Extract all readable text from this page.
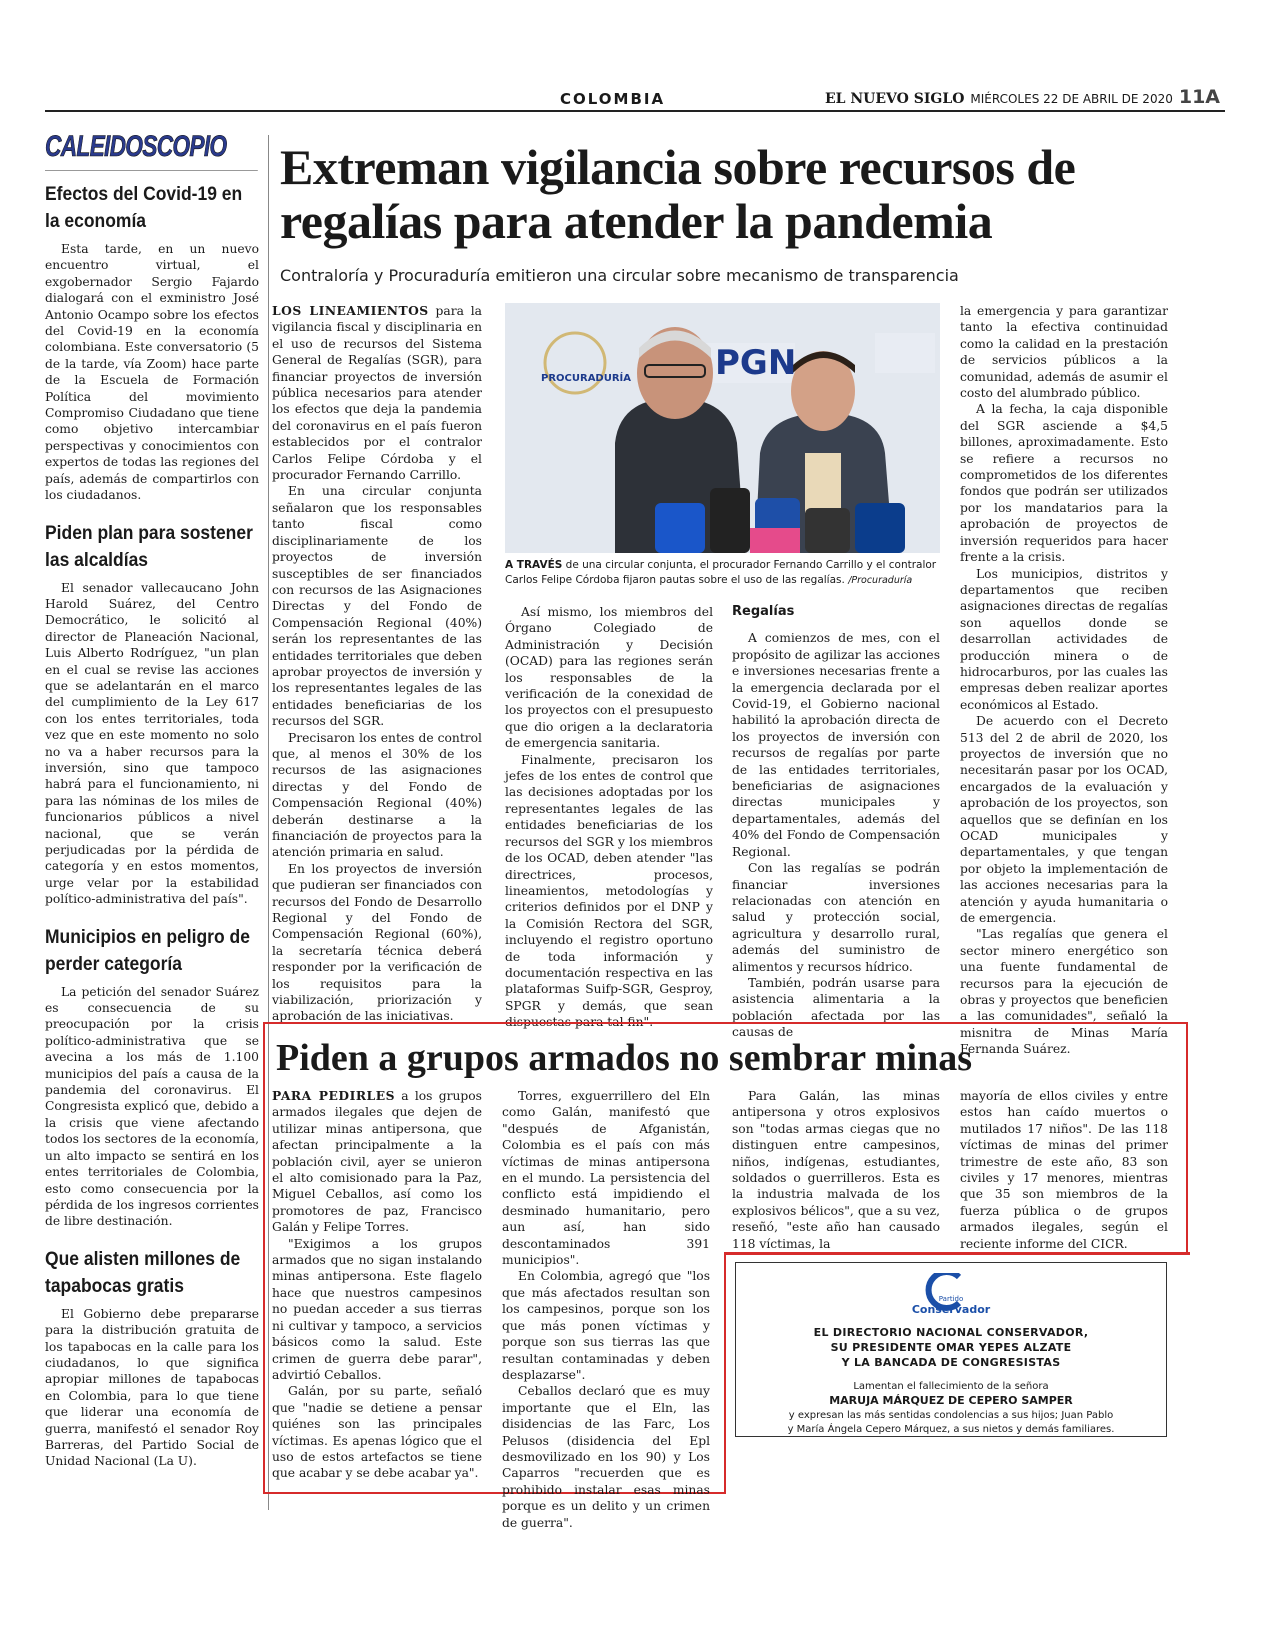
COLOMBIA	EL NUEVO SIGLO MIÉRCOLES 22 DE ABRIL DE 2020 11A
CALEIDOSCOPIO
Efectos del Covid-19 en la economía

Esta tarde, en un nuevo encuentro virtual, el exgobernador Sergio Fajardo dialogará con el exministro José Antonio Ocampo sobre los efectos del Covid-19 en la economía colombiana. Este conversatorio (5 de la tarde, vía Zoom) hace parte de la Escuela de Formación Política del movimiento Compromiso Ciudadano que tiene como objetivo intercambiar perspectivas y conocimientos con expertos de todas las regiones del país, además de compartirlos con los ciudadanos.

Piden plan para sostener las alcaldías

El senador vallecaucano John Harold Suárez, del Centro Democrático, le solicitó al director de Planeación Nacional, Luis Alberto Rodríguez, "un plan en el cual se revise las acciones que se adelantarán en el marco del cumplimiento de la Ley 617 con los entes territoriales, toda vez que en este momento no solo no va a haber recursos para la inversión, sino que tampoco habrá para el funcionamiento, ni para las nóminas de los miles de funcionarios públicos a nivel nacional, que se verán perjudicadas por la pérdida de categoría y en estos momentos, urge velar por la estabilidad político-administrativa del país".

Municipios en peligro de perder categoría

La petición del senador Suárez es consecuencia de su preocupación por la crisis político-administrativa que se avecina a los más de 1.100 municipios del país a causa de la pandemia del coronavirus. El Congresista explicó que, debido a la crisis que viene afectando todos los sectores de la economía, un alto impacto se sentirá en los entes territoriales de Colombia, esto como consecuencia por la pérdida de los ingresos corrientes de libre destinación.

Que alisten millones de tapabocas gratis

El Gobierno debe prepararse para la distribución gratuita de los tapabocas en la calle para los ciudadanos, lo que significa apropiar millones de tapabocas en Colombia, para lo que tiene que liderar una economía de guerra, manifestó el senador Roy Barreras, del Partido Social de Unidad Nacional (La U).

Extreman vigilancia sobre recursos de regalías para atender la pandemia
Contraloría y Procuraduría emitieron una circular sobre mecanismo de transparencia

LOS LINEAMIENTOS para la vigilancia fiscal y disciplinaria en el uso de recursos del Sistema General de Regalías (SGR), para financiar proyectos de inversión pública necesarios para atender los efectos que deja la pandemia del coronavirus en el país fueron establecidos por el contralor Carlos Felipe Córdoba y el procurador Fernando Carrillo.

En una circular conjunta señalaron que los responsables tanto fiscal como disciplinariamente de los proyectos de inversión susceptibles de ser financiados con recursos de las Asignaciones Directas y del Fondo de Compensación Regional (40%) serán los representantes de las entidades territoriales que deben aprobar proyectos de inversión y los representantes legales de las entidades beneficiarias de los recursos del SGR.

Precisaron los entes de control que, al menos el 30% de los recursos de las asignaciones directas y del Fondo de Compensación Regional (40%) deberán destinarse a la financiación de proyectos para la atención primaria en salud.

En los proyectos de inversión que pudieran ser financiados con recursos del Fondo de Desarrollo Regional y del Fondo de Compensación Regional (60%), la secretaría técnica deberá responder por la verificación de los requisitos para la viabilización, priorización y aprobación de las iniciativas.

PGN
PROCURADURÍA
A TRAVÉS de una circular conjunta, el procurador Fernando Carrillo y el contralor Carlos Felipe Córdoba fijaron pautas sobre el uso de las regalías. /Procuraduría

Así mismo, los miembros del Órgano Colegiado de Administración y Decisión (OCAD) para las regiones serán los responsables de la verificación de la conexidad de los proyectos con el presupuesto que dio origen a la declaratoria de emergencia sanitaria.

Finalmente, precisaron los jefes de los entes de control que las decisiones adoptadas por los representantes legales de las entidades beneficiarias de los recursos del SGR y los miembros de los OCAD, deben atender "las directrices, procesos, lineamientos, metodologías y criterios definidos por el DNP y la Comisión Rectora del SGR, incluyendo el registro oportuno de toda información y documentación respectiva en las plataformas Suifp-SGR, Gesproy, SPGR y demás, que sean dispuestas para tal fin".

Regalías

A comienzos de mes, con el propósito de agilizar las acciones e inversiones necesarias frente a la emergencia declarada por el Covid-19, el Gobierno nacional habilitó la aprobación directa de los proyectos de inversión con recursos de regalías por parte de las entidades territoriales, beneficiarias de asignaciones directas municipales y departamentales, además del 40% del Fondo de Compensación Regional.

Con las regalías se podrán financiar inversiones relacionadas con atención en salud y protección social, agricultura y desarrollo rural, además del suministro de alimentos y recursos hídrico.

También, podrán usarse para asistencia alimentaria a la población afectada por las causas de

la emergencia y para garantizar tanto la efectiva continuidad como la calidad en la prestación de servicios públicos a la comunidad, además de asumir el costo del alumbrado público.

A la fecha, la caja disponible del SGR asciende a $4,5 billones, aproximadamente. Esto se refiere a recursos no comprometidos de los diferentes fondos que podrán ser utilizados por los mandatarios para la aprobación de proyectos de inversión requeridos para hacer frente a la crisis.

Los municipios, distritos y departamentos que reciben asignaciones directas de regalías son aquellos donde se desarrollan actividades de producción minera o de hidrocarburos, por las cuales las empresas deben realizar aportes económicos al Estado.

De acuerdo con el Decreto 513 del 2 de abril de 2020, los proyectos de inversión que no necesitarán pasar por los OCAD, encargados de la evaluación y aprobación de los proyectos, son aquellos que se definían en los OCAD municipales y departamentales, y que tengan por objeto la implementación de las acciones necesarias para la atención y ayuda humanitaria o de emergencia.

"Las regalías que genera el sector minero energético son una fuente fundamental de recursos para la ejecución de obras y proyectos que beneficien a las comunidades", señaló la misnitra de Minas María Fernanda Suárez.

Piden a grupos armados no sembrar minas

PARA PEDIRLES a los grupos armados ilegales que dejen de utilizar minas antipersona, que afectan principalmente a la población civil, ayer se unieron el alto comisionado para la Paz, Miguel Ceballos, así como los promotores de paz, Francisco Galán y Felipe Torres.

"Exigimos a los grupos armados que no sigan instalando minas antipersona. Este flagelo hace que nuestros campesinos no puedan acceder a sus tierras ni cultivar y tampoco, a servicios básicos como la salud. Este crimen de guerra debe parar", advirtió Ceballos.

Galán, por su parte, señaló que "nadie se detiene a pensar quiénes son las principales víctimas. Es apenas lógico que el uso de estos artefactos se tiene que acabar y se debe acabar ya".

Torres, exguerrillero del Eln como Galán, manifestó que "después de Afganistán, Colombia es el país con más víctimas de minas antipersona en el mundo. La persistencia del conflicto está impidiendo el desminado humanitario, pero aun así, han sido descontaminados 391 municipios".

En Colombia, agregó que "los que más afectados resultan son los campesinos, porque son los que más ponen víctimas y porque son sus tierras las que resultan contaminadas y deben desplazarse".

Ceballos declaró que es muy importante que el Eln, las disidencias de las Farc, Los Pelusos (disidencia del Epl desmovilizado en los 90) y Los Caparros "recuerden que es prohibido instalar esas minas porque es un delito y un crimen de guerra".

Para Galán, las minas antipersona y otros explosivos son "todas armas ciegas que no distinguen entre campesinos, niños, indígenas, estudiantes, soldados o guerrilleros. Esta es la industria malvada de los explosivos bélicos", que a su vez, reseñó, "este año han causado 118 víctimas, la

mayoría de ellos civiles y entre estos han caído muertos o mutilados 17 niños". De las 118 víctimas de minas del primer trimestre de este año, 83 son civiles y 17 menores, mientras que 35 son miembros de la fuerza pública o de grupos armados ilegales, según el reciente informe del CICR.

Partido
Conservador
EL DIRECTORIO NACIONAL CONSERVADOR,
SU PRESIDENTE OMAR YEPES ALZATE
Y LA BANCADA DE CONGRESISTAS
Lamentan el fallecimiento de la señora
MARUJA MÁRQUEZ DE CEPERO SAMPER
y expresan las más sentidas condolencias a sus hijos; Juan Pablo
y María Ángela Cepero Márquez, a sus nietos y demás familiares.
